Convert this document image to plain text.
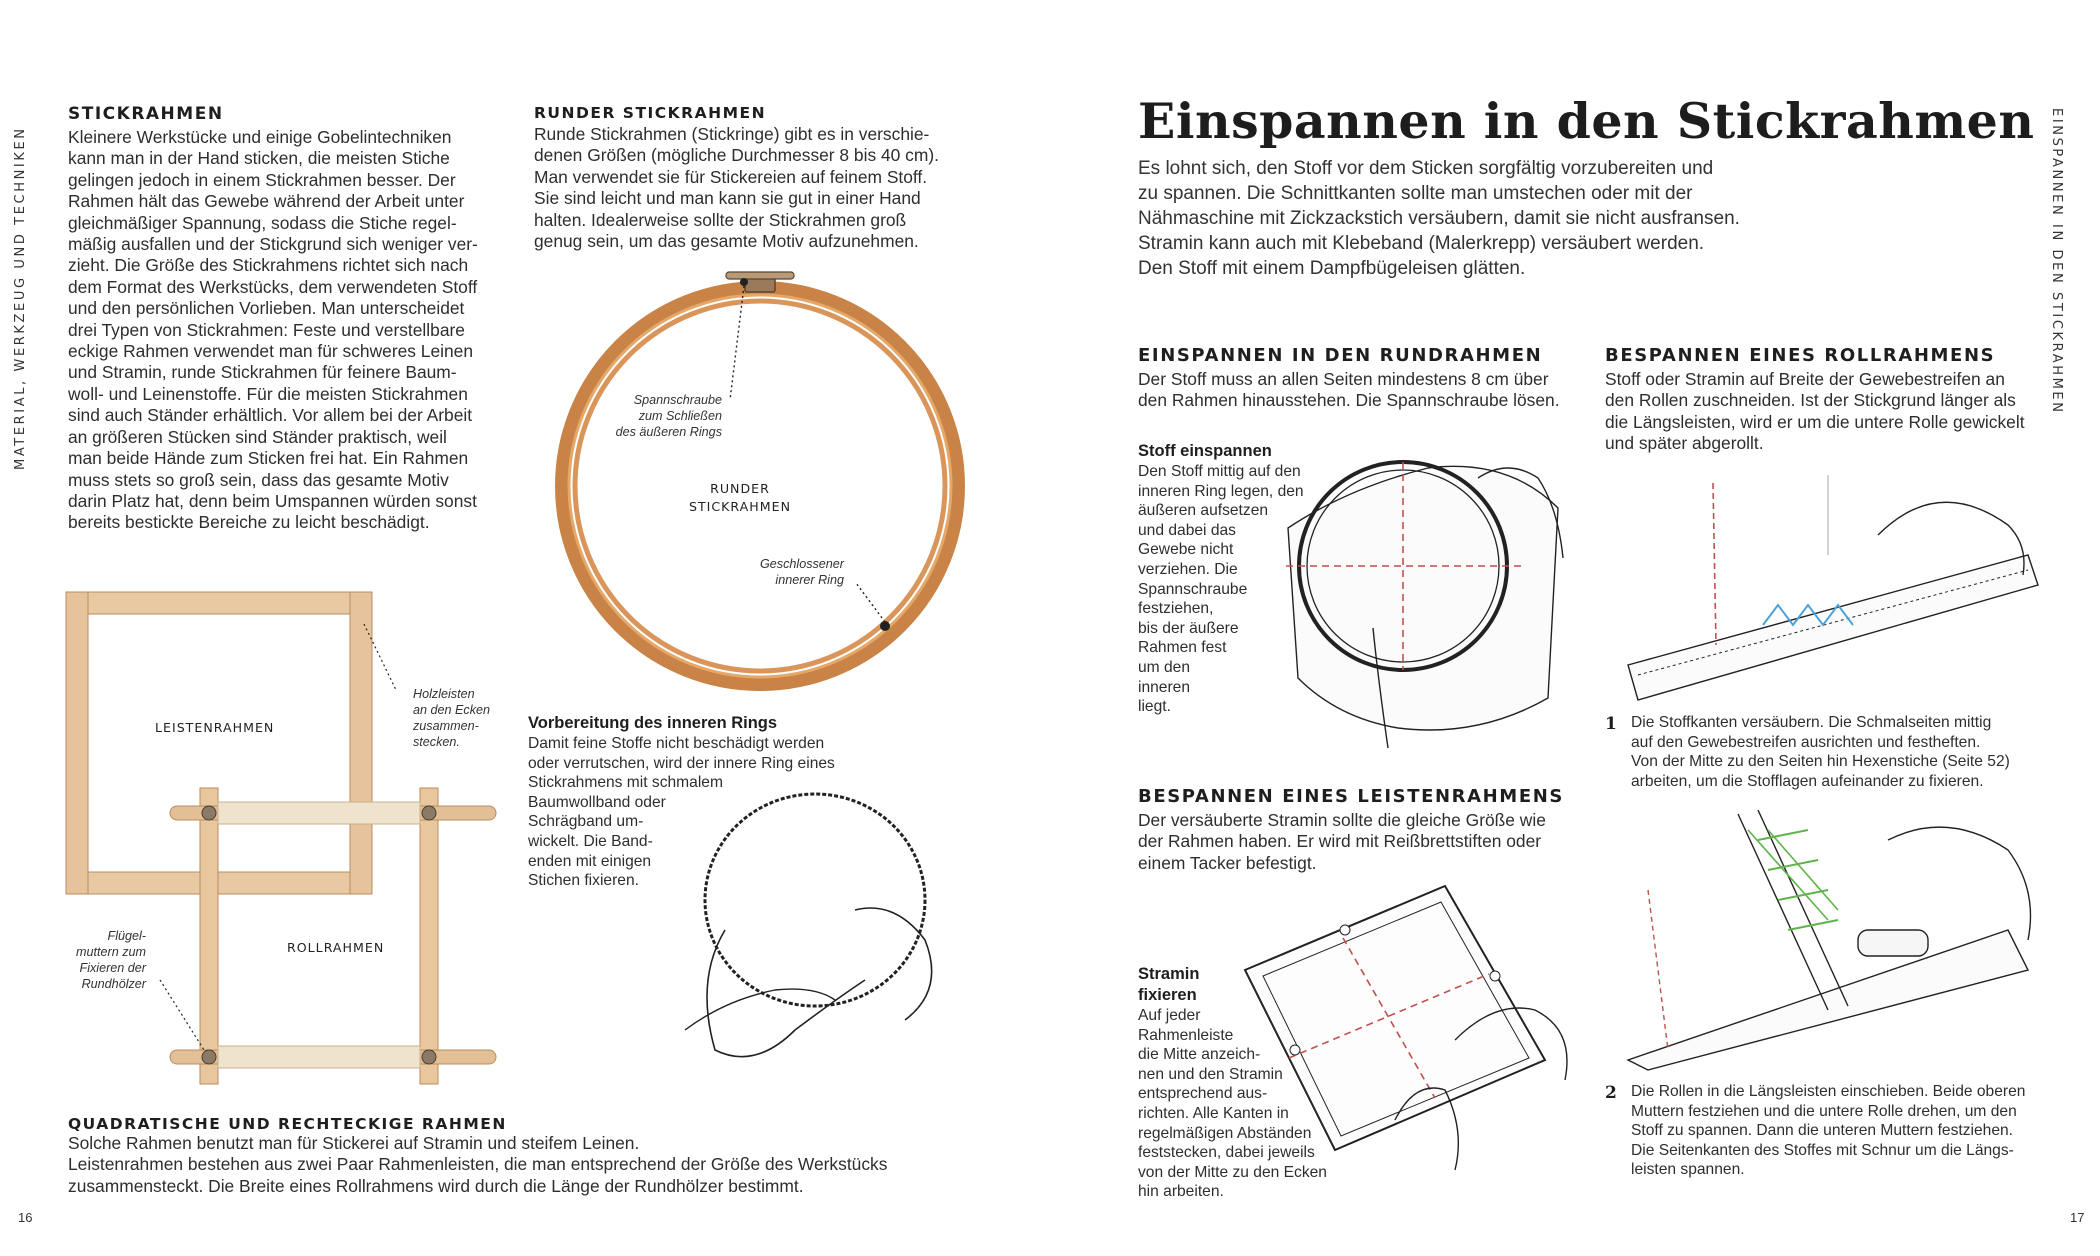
MATERIAL, WERKZEUG UND TECHNIKEN

STICKRAHMEN

Kleinere Werkstücke und einige Gobelintechniken
kann man in der Hand sticken, die meisten Stiche
gelingen jedoch in einem Stickrahmen besser. Der
Rahmen hält das Gewebe während der Arbeit unter
gleichmäßiger Spannung, sodass die Stiche regel-
mäßig ausfallen und der Stickgrund sich weniger ver-
zieht. Die Größe des Stickrahmens richtet sich nach
dem Format des Werkstücks, dem verwendeten Stoff
und den persönlichen Vorlieben. Man unterscheidet
drei Typen von Stickrahmen: Feste und verstellbare
eckige Rahmen verwendet man für schweres Leinen
und Stramin, runde Stickrahmen für feinere Baum-
woll- und Leinenstoffe. Für die meisten Stickrahmen
sind auch Ständer erhältlich. Vor allem bei der Arbeit
an größeren Stücken sind Ständer praktisch, weil
man beide Hände zum Sticken frei hat. Ein Rahmen
muss stets so groß sein, dass das gesamte Motiv
darin Platz hat, denn beim Umspannen würden sonst
bereits bestickte Bereiche zu leicht beschädigt.

RUNDER STICKRAHMEN

Runde Stickrahmen (Stickringe) gibt es in verschie-
denen Größen (mögliche Durchmesser 8 bis 40 cm).
Man verwendet sie für Stickereien auf feinem Stoff.
Sie sind leicht und man kann sie gut in einer Hand
halten. Idealerweise sollte der Stickrahmen groß
genug sein, um das gesamte Motiv aufzunehmen.
Spannschraube
zum Schließen
des äußeren Rings
RUNDER
STICKRAHMEN
Geschlossener
innerer Ring
LEISTENRAHMEN
ROLLRAHMEN
Holzleisten
an den Ecken
zusammen-
stecken.
Flügel-
muttern zum
Fixieren der
Rundhölzer

Vorbereitung des inneren Rings

Damit feine Stoffe nicht beschädigt werden
oder verrutschen, wird der innere Ring eines
Stickrahmens mit schmalem
Baumwollband oder
Schrägband um-
wickelt. Die Band-
enden mit einigen
Stichen fixieren.

QUADRATISCHE UND RECHTECKIGE RAHMEN

Solche Rahmen benutzt man für Stickerei auf Stramin und steifem Leinen.
Leistenrahmen bestehen aus zwei Paar Rahmenleisten, die man entsprechend der Größe des Werkstücks
zusammensteckt. Die Breite eines Rollrahmens wird durch die Länge der Rundhölzer bestimmt.
16
EINSPANNEN IN DEN STICKRAHMEN
Einspannen in den Stickrahmen
Es lohnt sich, den Stoff vor dem Sticken sorgfältig vorzubereiten und
zu spannen. Die Schnittkanten sollte man umstechen oder mit der
Nähmaschine mit Zickzackstich versäubern, damit sie nicht ausfransen.
Stramin kann auch mit Klebeband (Malerkrepp) versäubert werden.
Den Stoff mit einem Dampfbügeleisen glätten.

EINSPANNEN IN DEN RUNDRAHMEN

Der Stoff muss an allen Seiten mindestens 8 cm über
den Rahmen hinausstehen. Die Spannschraube lösen.

Stoff einspannen

Den Stoff mittig auf den
inneren Ring legen, den
äußeren aufsetzen
und dabei das
Gewebe nicht
verziehen. Die
Spannschraube
festziehen,
bis der äußere
Rahmen fest
um den
inneren
liegt.

BESPANNEN EINES LEISTENRAHMENS

Der versäuberte Stramin sollte die gleiche Größe wie
der Rahmen haben. Er wird mit Reißbrettstiften oder
einem Tacker befestigt.
Stramin
fixieren
Auf jeder
Rahmenleiste
die Mitte anzeich-
nen und den Stramin
entsprechend aus-
richten. Alle Kanten in
regelmäßigen Abständen
feststecken, dabei jeweils
von der Mitte zu den Ecken
hin arbeiten.

BESPANNEN EINES ROLLRAHMENS

Stoff oder Stramin auf Breite der Gewebestreifen an
den Rollen zuschneiden. Ist der Stickgrund länger als
die Längsleisten, wird er um die untere Rolle gewickelt
und später abgerollt.
1 Die Stoffkanten versäubern. Die Schmalseiten mittig
auf den Gewebestreifen ausrichten und festheften.
Von der Mitte zu den Seiten hin Hexenstiche (Seite 52)
arbeiten, um die Stofflagen aufeinander zu fixieren.
2 Die Rollen in die Längsleisten einschieben. Beide oberen
Muttern festziehen und die untere Rolle drehen, um den
Stoff zu spannen. Dann die unteren Muttern festziehen.
Die Seitenkanten des Stoffes mit Schnur um die Längs-
leisten spannen.
17
